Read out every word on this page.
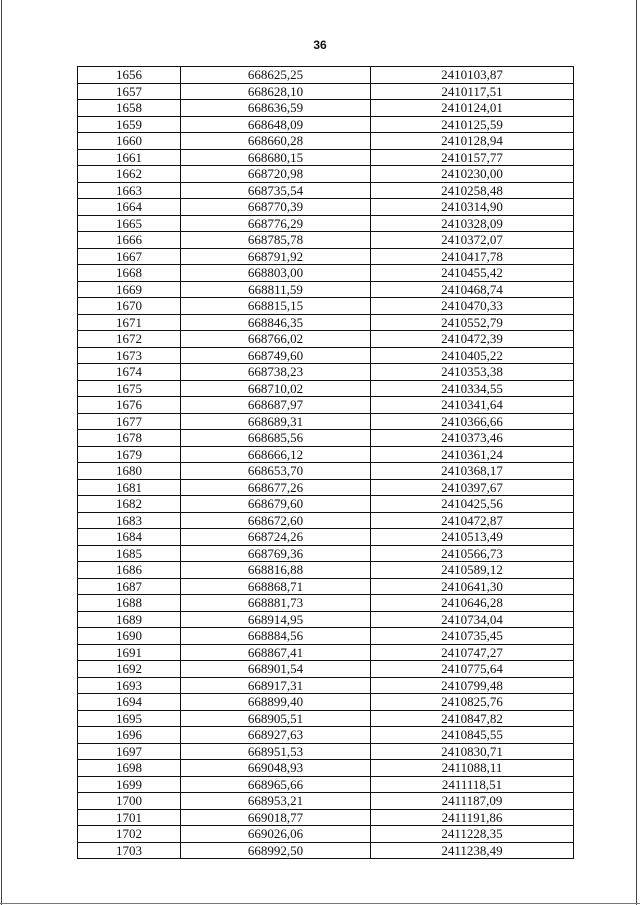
36
1656	668625,25	2410103,87
1657	668628,10	2410117,51
1658	668636,59	2410124,01
1659	668648,09	2410125,59
1660	668660,28	2410128,94
1661	668680,15	2410157,77
1662	668720,98	2410230,00
1663	668735,54	2410258,48
1664	668770,39	2410314,90
1665	668776,29	2410328,09
1666	668785,78	2410372,07
1667	668791,92	2410417,78
1668	668803,00	2410455,42
1669	668811,59	2410468,74
1670	668815,15	2410470,33
1671	668846,35	2410552,79
1672	668766,02	2410472,39
1673	668749,60	2410405,22
1674	668738,23	2410353,38
1675	668710,02	2410334,55
1676	668687,97	2410341,64
1677	668689,31	2410366,66
1678	668685,56	2410373,46
1679	668666,12	2410361,24
1680	668653,70	2410368,17
1681	668677,26	2410397,67
1682	668679,60	2410425,56
1683	668672,60	2410472,87
1684	668724,26	2410513,49
1685	668769,36	2410566,73
1686	668816,88	2410589,12
1687	668868,71	2410641,30
1688	668881,73	2410646,28
1689	668914,95	2410734,04
1690	668884,56	2410735,45
1691	668867,41	2410747,27
1692	668901,54	2410775,64
1693	668917,31	2410799,48
1694	668899,40	2410825,76
1695	668905,51	2410847,82
1696	668927,63	2410845,55
1697	668951,53	2410830,71
1698	669048,93	2411088,11
1699	668965,66	2411118,51
1700	668953,21	2411187,09
1701	669018,77	2411191,86
1702	669026,06	2411228,35
1703	668992,50	2411238,49
